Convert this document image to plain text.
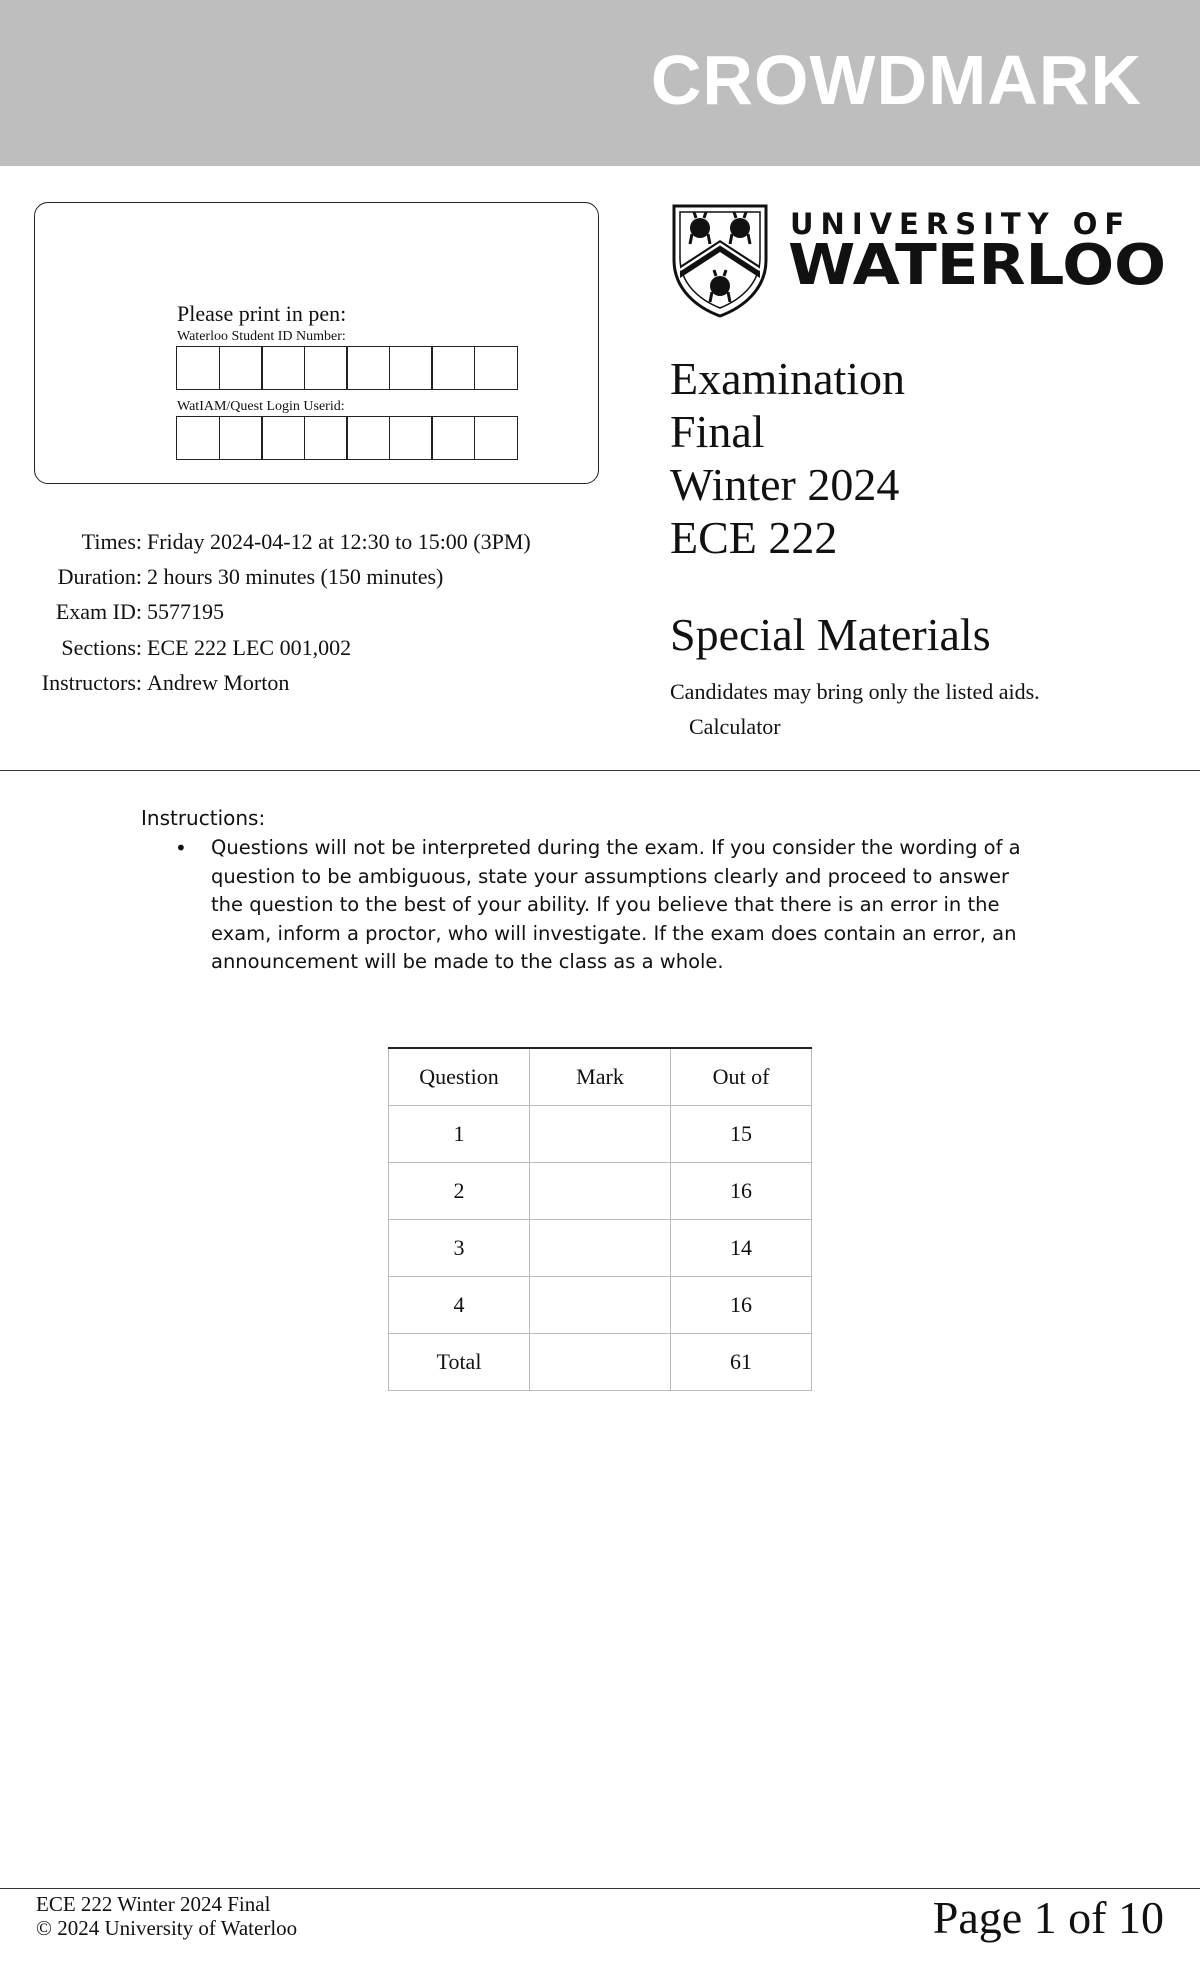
CROWDMARK
Please print in pen:
Waterloo Student ID Number:
WatIAM/Quest Login Userid:
Times: Friday 2024-04-12 at 12:30 to 15:00 (3PM)
Duration: 2 hours 30 minutes (150 minutes)
Exam ID: 5577195
Sections: ECE 222 LEC 001,002
Instructors: Andrew Morton
UNIVERSITY OF
WATERLOO
Examination
Final
Winter 2024
ECE 222
Special Materials
Candidates may bring only the listed aids.
Calculator
Instructions:
• Questions will not be interpreted during the exam. If you consider the wording of a question to be ambiguous, state your assumptions clearly and proceed to answer the question to the best of your ability. If you believe that there is an error in the exam, inform a proctor, who will investigate. If the exam does contain an error, an announcement will be made to the class as a whole.
Question	Mark	Out of
1		15
2		16
3		14
4		16
Total		61
ECE 222 Winter 2024 Final
© 2024 University of Waterloo	Page 1 of 10
